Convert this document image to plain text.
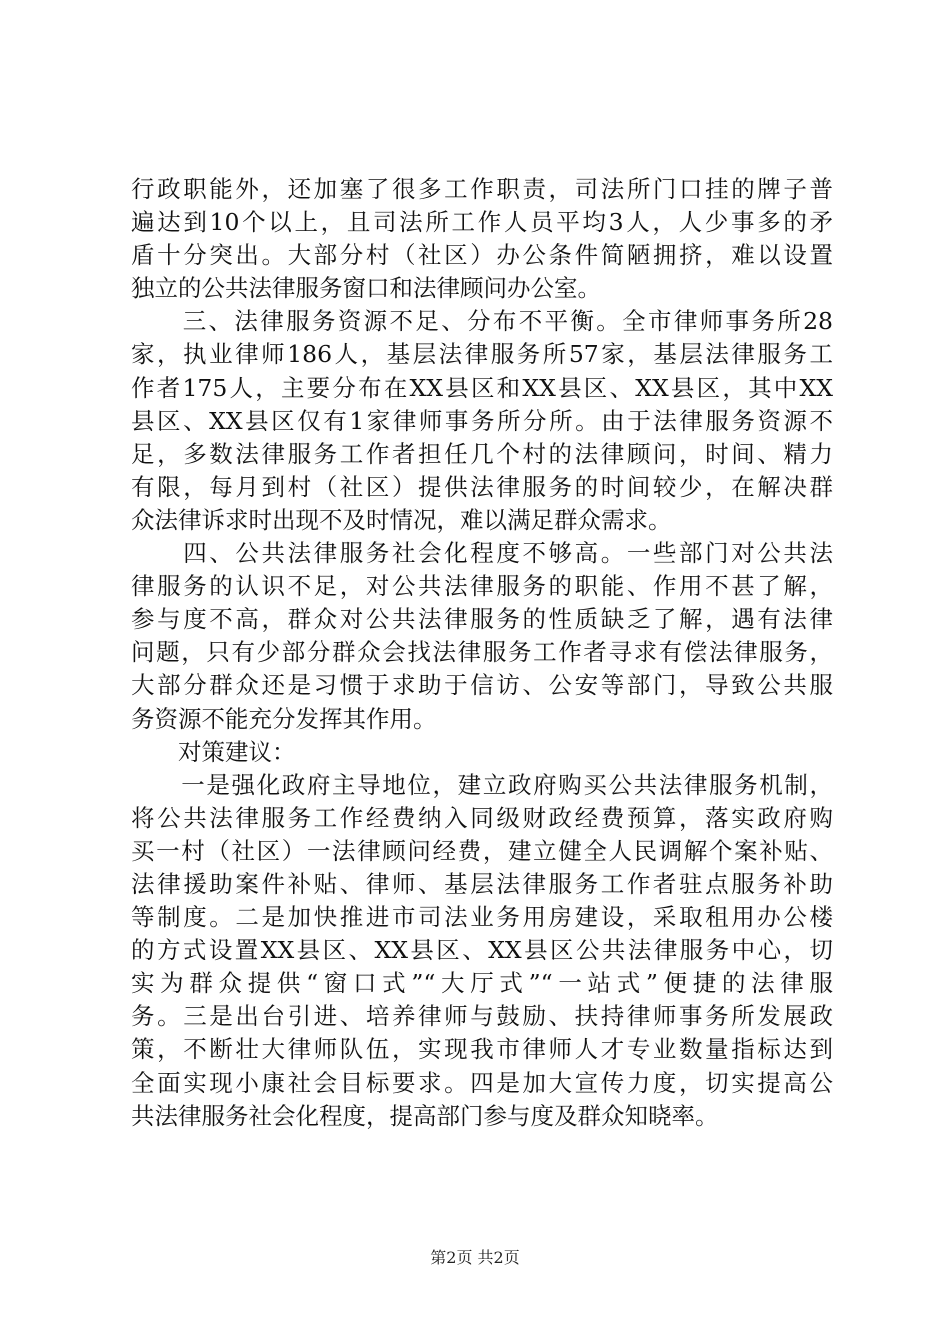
行政职能外，还加塞了很多工作职责，司法所门口挂的牌子普
遍达到10个以上，且司法所工作人员平均3人，人少事多的矛
盾十分突出。大部分村（社区）办公条件简陋拥挤，难以设置
独立的公共法律服务窗口和法律顾问办公室。
　　三、法律服务资源不足、分布不平衡。全市律师事务所28
家，执业律师186人，基层法律服务所57家，基层法律服务工
作者175人，主要分布在XX县区和XX县区、XX县区，其中XX
县区、XX县区仅有1家律师事务所分所。由于法律服务资源不
足，多数法律服务工作者担任几个村的法律顾问，时间、精力
有限，每月到村（社区）提供法律服务的时间较少，在解决群
众法律诉求时出现不及时情况，难以满足群众需求。
　　四、公共法律服务社会化程度不够高。一些部门对公共法
律服务的认识不足，对公共法律服务的职能、作用不甚了解，
参与度不高，群众对公共法律服务的性质缺乏了解，遇有法律
问题，只有少部分群众会找法律服务工作者寻求有偿法律服务，
大部分群众还是习惯于求助于信访、公安等部门，导致公共服
务资源不能充分发挥其作用。
　　对策建议：
　　一是强化政府主导地位，建立政府购买公共法律服务机制，
将公共法律服务工作经费纳入同级财政经费预算，落实政府购
买一村（社区）一法律顾问经费，建立健全人民调解个案补贴、
法律援助案件补贴、律师、基层法律服务工作者驻点服务补助
等制度。二是加快推进市司法业务用房建设，采取租用办公楼
的方式设置XX县区、XX县区、XX县区公共法律服务中心，切
实为群众提供“窗口式”“大厅式”“一站式”便捷的法律服
务。三是出台引进、培养律师与鼓励、扶持律师事务所发展政
策，不断壮大律师队伍，实现我市律师人才专业数量指标达到
全面实现小康社会目标要求。四是加大宣传力度，切实提高公
共法律服务社会化程度，提高部门参与度及群众知晓率。
第2页 共2页
